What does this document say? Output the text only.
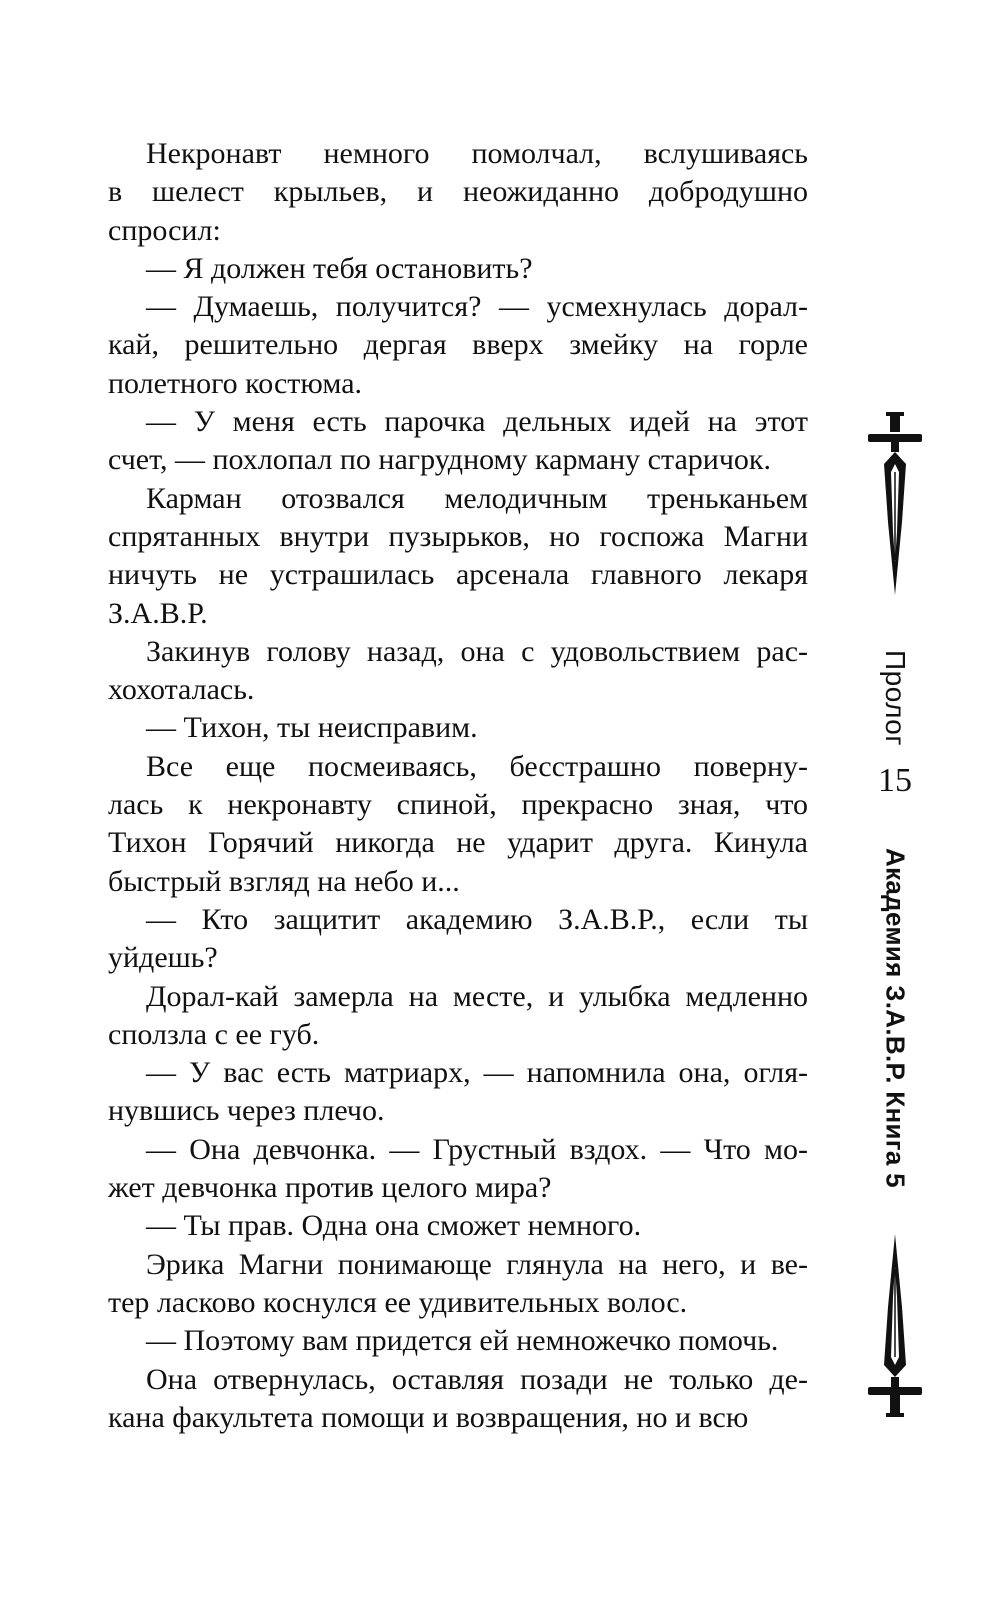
Некронавт немного помолчал, вслушиваясь
в шелест крыльев, и неожиданно добродушно
спросил:

— Я должен тебя остановить?

— Думаешь, получится? — усмехнулась дорал-
кай, решительно дергая вверх змейку на горле
полетного костюма.

— У меня есть парочка дельных идей на этот
счет, — похлопал по нагрудному карману старичок.

Карман отозвался мелодичным треньканьем
спрятанных внутри пузырьков, но госпожа Магни
ничуть не устрашилась арсенала главного лекаря
З.А.В.Р.

Закинув голову назад, она с удовольствием рас-
хохоталась.

— Тихон, ты неисправим.

Все еще посмеиваясь, бесстрашно поверну-
лась к некронавту спиной, прекрасно зная, что
Тихон Горячий никогда не ударит друга. Кинула
быстрый взгляд на небо и...

— Кто защитит академию З.А.В.Р., если ты
уйдешь?

Дорал-кай замерла на месте, и улыбка медленно
сползла с ее губ.

— У вас есть матриарх, — напомнила она, огля-
нувшись через плечо.

— Она девчонка. — Грустный вздох. — Что мо-
жет девчонка против целого мира?

— Ты прав. Одна она сможет немного.

Эрика Магни понимающе глянула на него, и ве-
тер ласково коснулся ее удивительных волос.

— Поэтому вам придется ей немножечко помочь.

Она отвернулась, оставляя позади не только де-
кана факультета помощи и возвращения, но и всю

Пролог
15
Академия З.А.В.Р. Книга 5
